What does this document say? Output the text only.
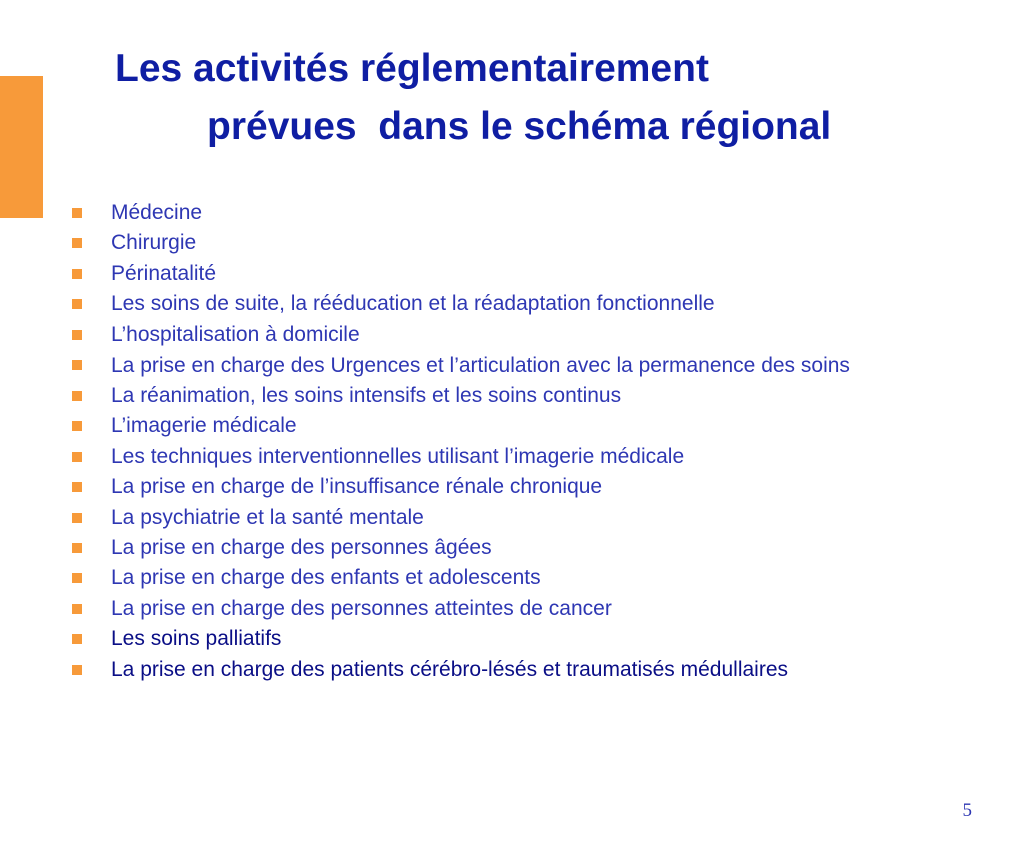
Les activités réglementairement
prévues  dans le schéma régional
Médecine
Chirurgie
Périnatalité
Les soins de suite, la rééducation et la réadaptation fonctionnelle
L’hospitalisation à domicile
La prise en charge des Urgences et l’articulation avec la permanence des soins
La réanimation, les soins intensifs et les soins continus
L’imagerie médicale
Les techniques interventionnelles utilisant l’imagerie médicale
La prise en charge de l’insuffisance rénale chronique
La psychiatrie et la santé mentale
La prise en charge des personnes âgées
La prise en charge des enfants et adolescents
La prise en charge des personnes atteintes de cancer
Les soins palliatifs
La prise en charge des patients cérébro-lésés et traumatisés médullaires
5
